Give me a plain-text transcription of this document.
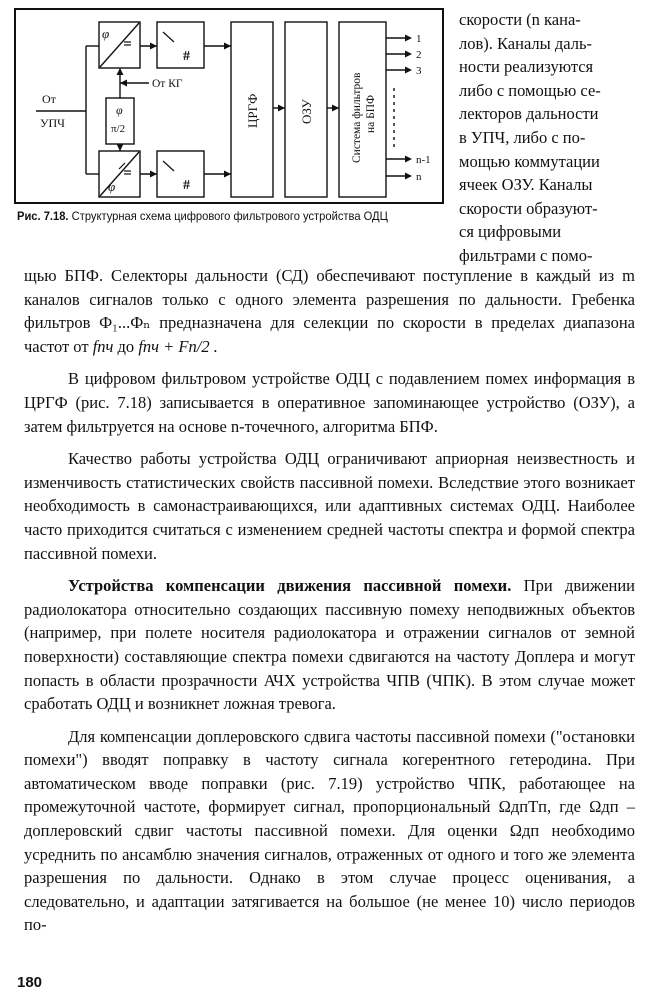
От
УПЧ
φ
φ
φ
π/2
#
#
От КГ
ЦРГФ	ОЗУ	Система фильтров на БПФ
1
2
3
n-1
n
Рис. 7.18. Структурная схема цифрового фильтрового устройства ОДЦ
скорости (n кана-
лов). Каналы даль-
ности реализуются
либо с помощью се-
лекторов дальности
в УПЧ, либо с по-
мощью коммутации
ячеек ОЗУ. Каналы
скорости образуют-
ся цифровыми
фильтрами с помо-

щью БПФ. Селекторы дальности (СД) обеспечивают поступление в каждый из m каналов сигналов только с одного элемента разрешения по дальности. Гребенка фильтров Ф₁...Фₙ предназначена для селекции по скорости в пределах диапазона частот от fпч до fпч + Fп/2 .

В цифровом фильтровом устройстве ОДЦ с подавлением помех информация в ЦРГФ (рис. 7.18) записывается в оперативное запоминающее устройство (ОЗУ), а затем фильтруется на основе n-точечного, алгоритма БПФ.

Качество работы устройства ОДЦ ограничивают априорная неизвестность и изменчивость статистических свойств пассивной помехи. Вследствие этого возникает необходимость в самонастраивающихся, или адаптивных системах ОДЦ. Наиболее часто приходится считаться с изменением средней частоты спектра и формой спектра пассивной помехи.

Устройства компенсации движения пассивной помехи. При движении радиолокатора относительно создающих пассивную помеху неподвижных объектов (например, при полете носителя радиолокатора и отражении сигналов от земной поверхности) составляющие спектра помехи сдвигаются на частоту Доплера и могут попасть в области прозрачности АЧХ устройства ЧПВ (ЧПК). В этом случае может сработать ОДЦ и возникнет ложная тревога.

Для компенсации доплеровского сдвига частоты пассивной помехи ("остановки помехи") вводят поправку в частоту сигнала когерентного гетеродина. При автоматическом вводе поправки (рис. 7.19) устройство ЧПК, работающее на промежуточной частоте, формирует сигнал, пропорциональный ΩдпTп, где Ωдп – доплеровский сдвиг частоты пассивной помехи. Для оценки Ωдп необходимо усреднить по ансамблю значения сигналов, отраженных от одного и того же элемента разрешения по дальности. Однако в этом случае процесс оценивания, а следовательно, и адаптации затягивается на большое (не менее 10) число периодов по-

180
